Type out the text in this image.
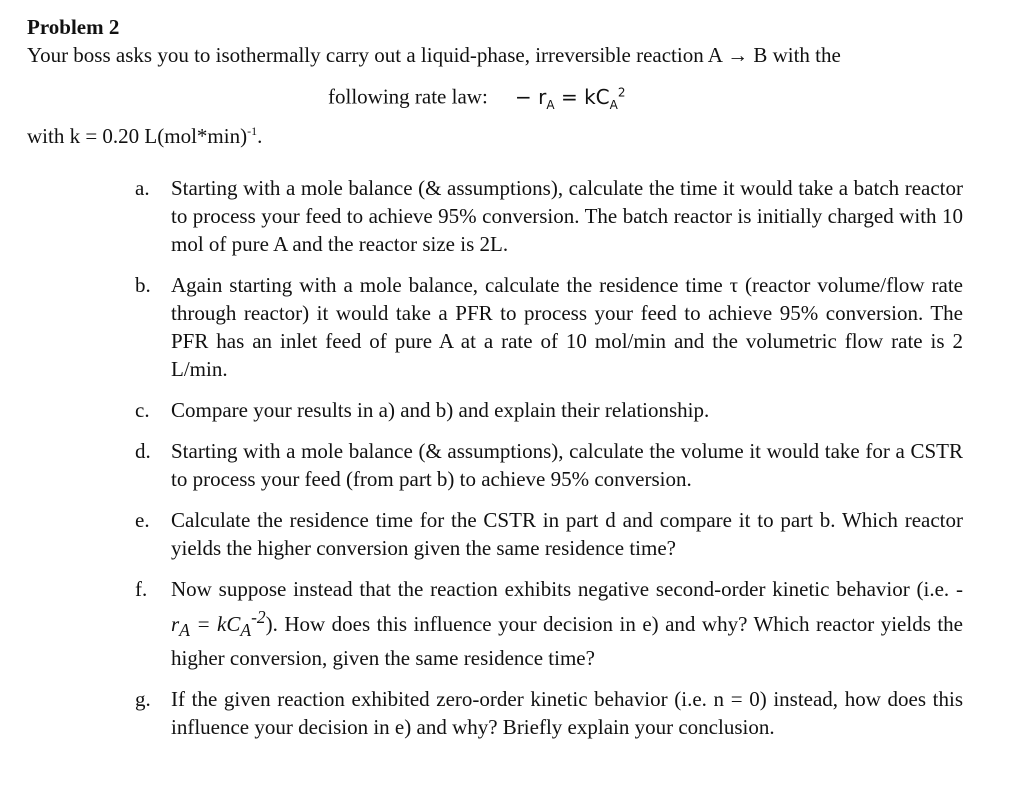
Problem 2
Your boss asks you to isothermally carry out a liquid-phase, irreversible reaction A → B with the
following rate law: − $r_A = kC_A^2$
with k = 0.20 $L(mol*\min)^{-1}$.
a. Starting with a mole balance (& assumptions), calculate the time it would take a batch reactor to process your feed to achieve 95% conversion. The batch reactor is initially charged with 10 mol of pure A and the reactor size is 2L.
b. Again starting with a mole balance, calculate the residence time τ (reactor volume/flow rate through reactor) it would take a PFR to process your feed to achieve 95% conversion. The PFR has an inlet feed of pure A at a rate of 10 mol/min and the volumetric flow rate is 2 L/min.
c. Compare your results in a) and b) and explain their relationship.
d. Starting with a mole balance (& assumptions), calculate the volume it would take for a CSTR to process your feed (from part b) to achieve 95% conversion.
e. Calculate the residence time for the CSTR in part d and compare it to part b. Which reactor yields the higher conversion given the same residence time?
f. Now suppose instead that the reaction exhibits negative second-order kinetic behavior (i.e. $-r_A = kC_A^{-2}$). How does this influence your decision in e) and why? Which reactor yields the higher conversion, given the same residence time?
g. If the given reaction exhibited zero-order kinetic behavior (i.e. n = 0) instead, how does this influence your decision in e) and why? Briefly explain your conclusion.
